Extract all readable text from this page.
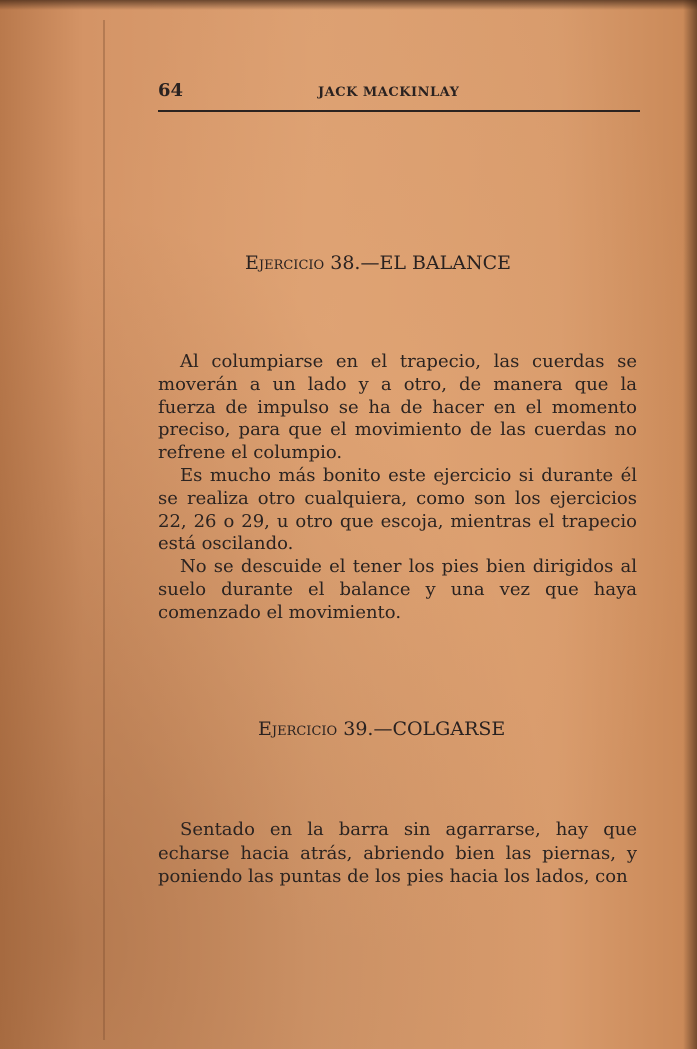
64	JACK MACKINLAY
Ejercicio 38.—EL BALANCE

Al columpiarse en el trapecio, las cuerdas se moverán a un lado y a otro, de manera que la fuerza de impulso se ha de hacer en el momento preciso, para que el movimiento de las cuerdas no refrene el columpio.

Es mucho más bonito este ejercicio si durante él se realiza otro cualquiera, como son los ejercicios 22, 26 o 29, u otro que escoja, mientras el trapecio está oscilando.

No se descuide el tener los pies bien dirigidos al suelo durante el balance y una vez que haya comenzado el movimiento.

Ejercicio 39.—COLGARSE

Sentado en la barra sin agarrarse, hay que echarse hacia atrás, abriendo bien las piernas, y poniendo las puntas de los pies hacia los lados, con
